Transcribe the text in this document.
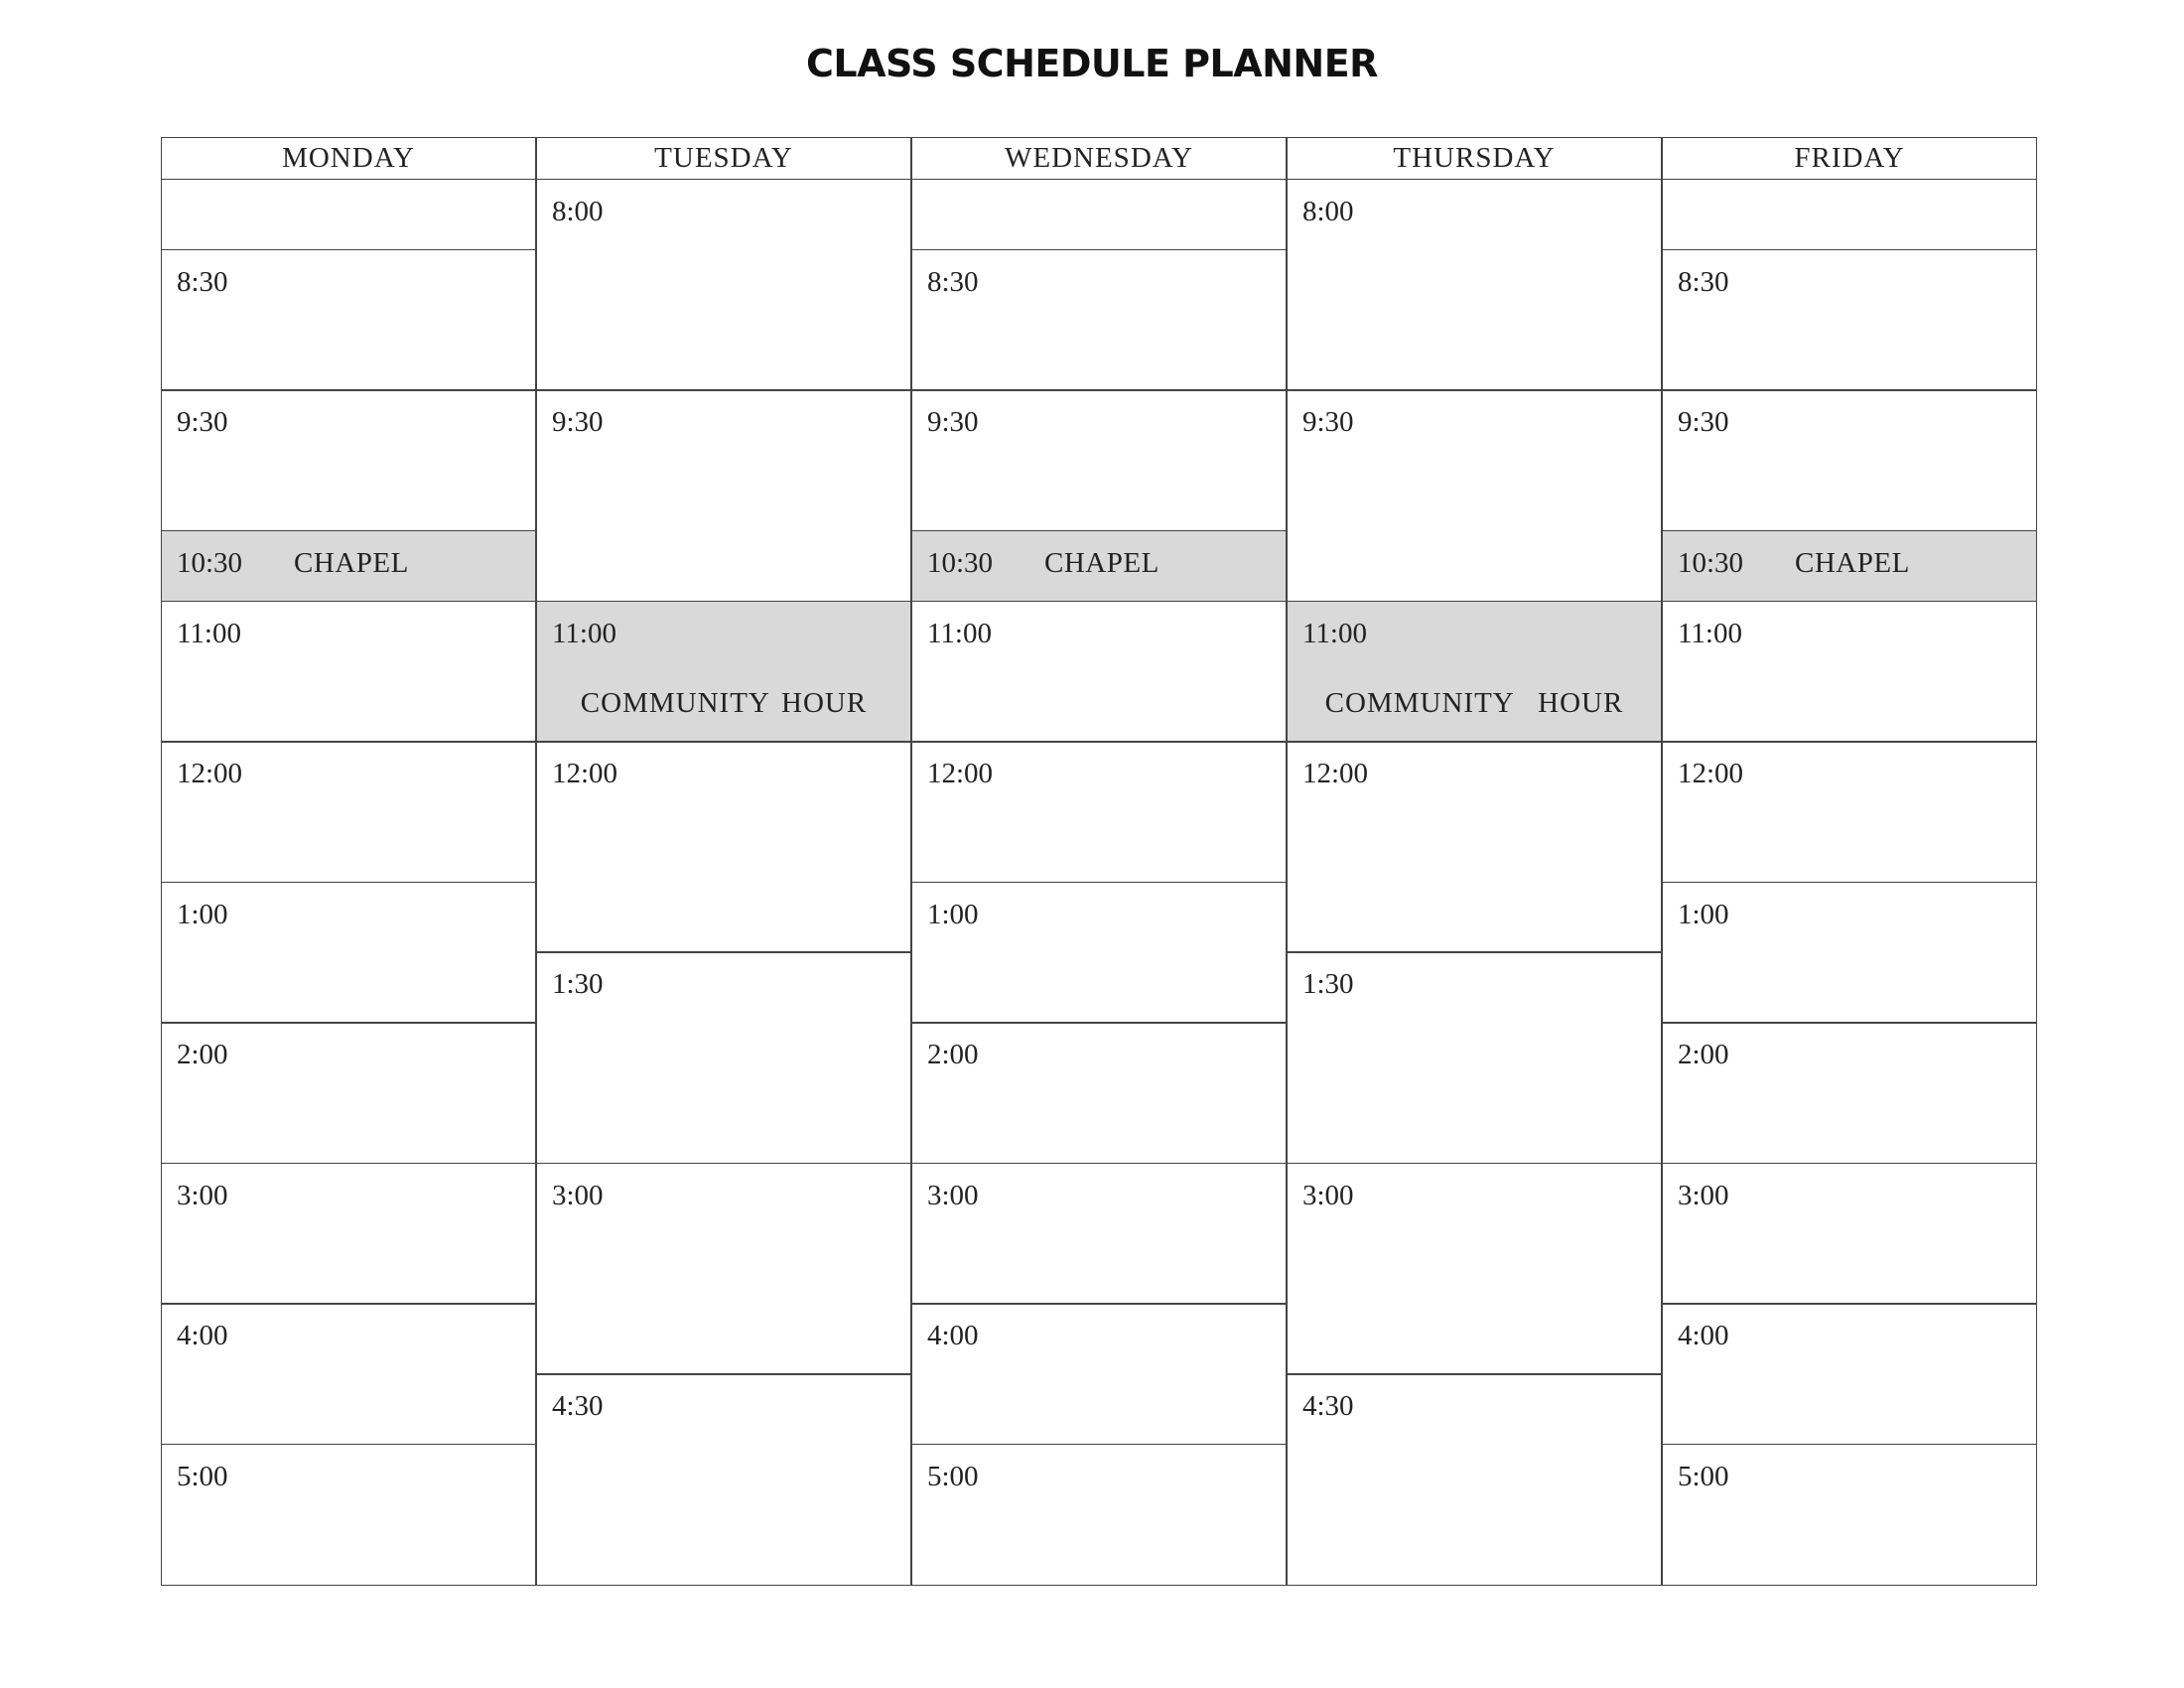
CLASS SCHEDULE PLANNER
MONDAY
8:30
9:30
10:30 CHAPEL
11:00
12:00
1:00
2:00
3:00
4:00
5:00
TUESDAY
8:00
9:30
11:00
COMMUNITY HOUR
12:00
1:30
3:00
4:30
WEDNESDAY
8:30
9:30
10:30 CHAPEL
11:00
12:00
1:00
2:00
3:00
4:00
5:00
THURSDAY
8:00
9:30
11:00
COMMUNITY  HOUR
12:00
1:30
3:00
4:30
FRIDAY
8:30
9:30
10:30 CHAPEL
11:00
12:00
1:00
2:00
3:00
4:00
5:00
